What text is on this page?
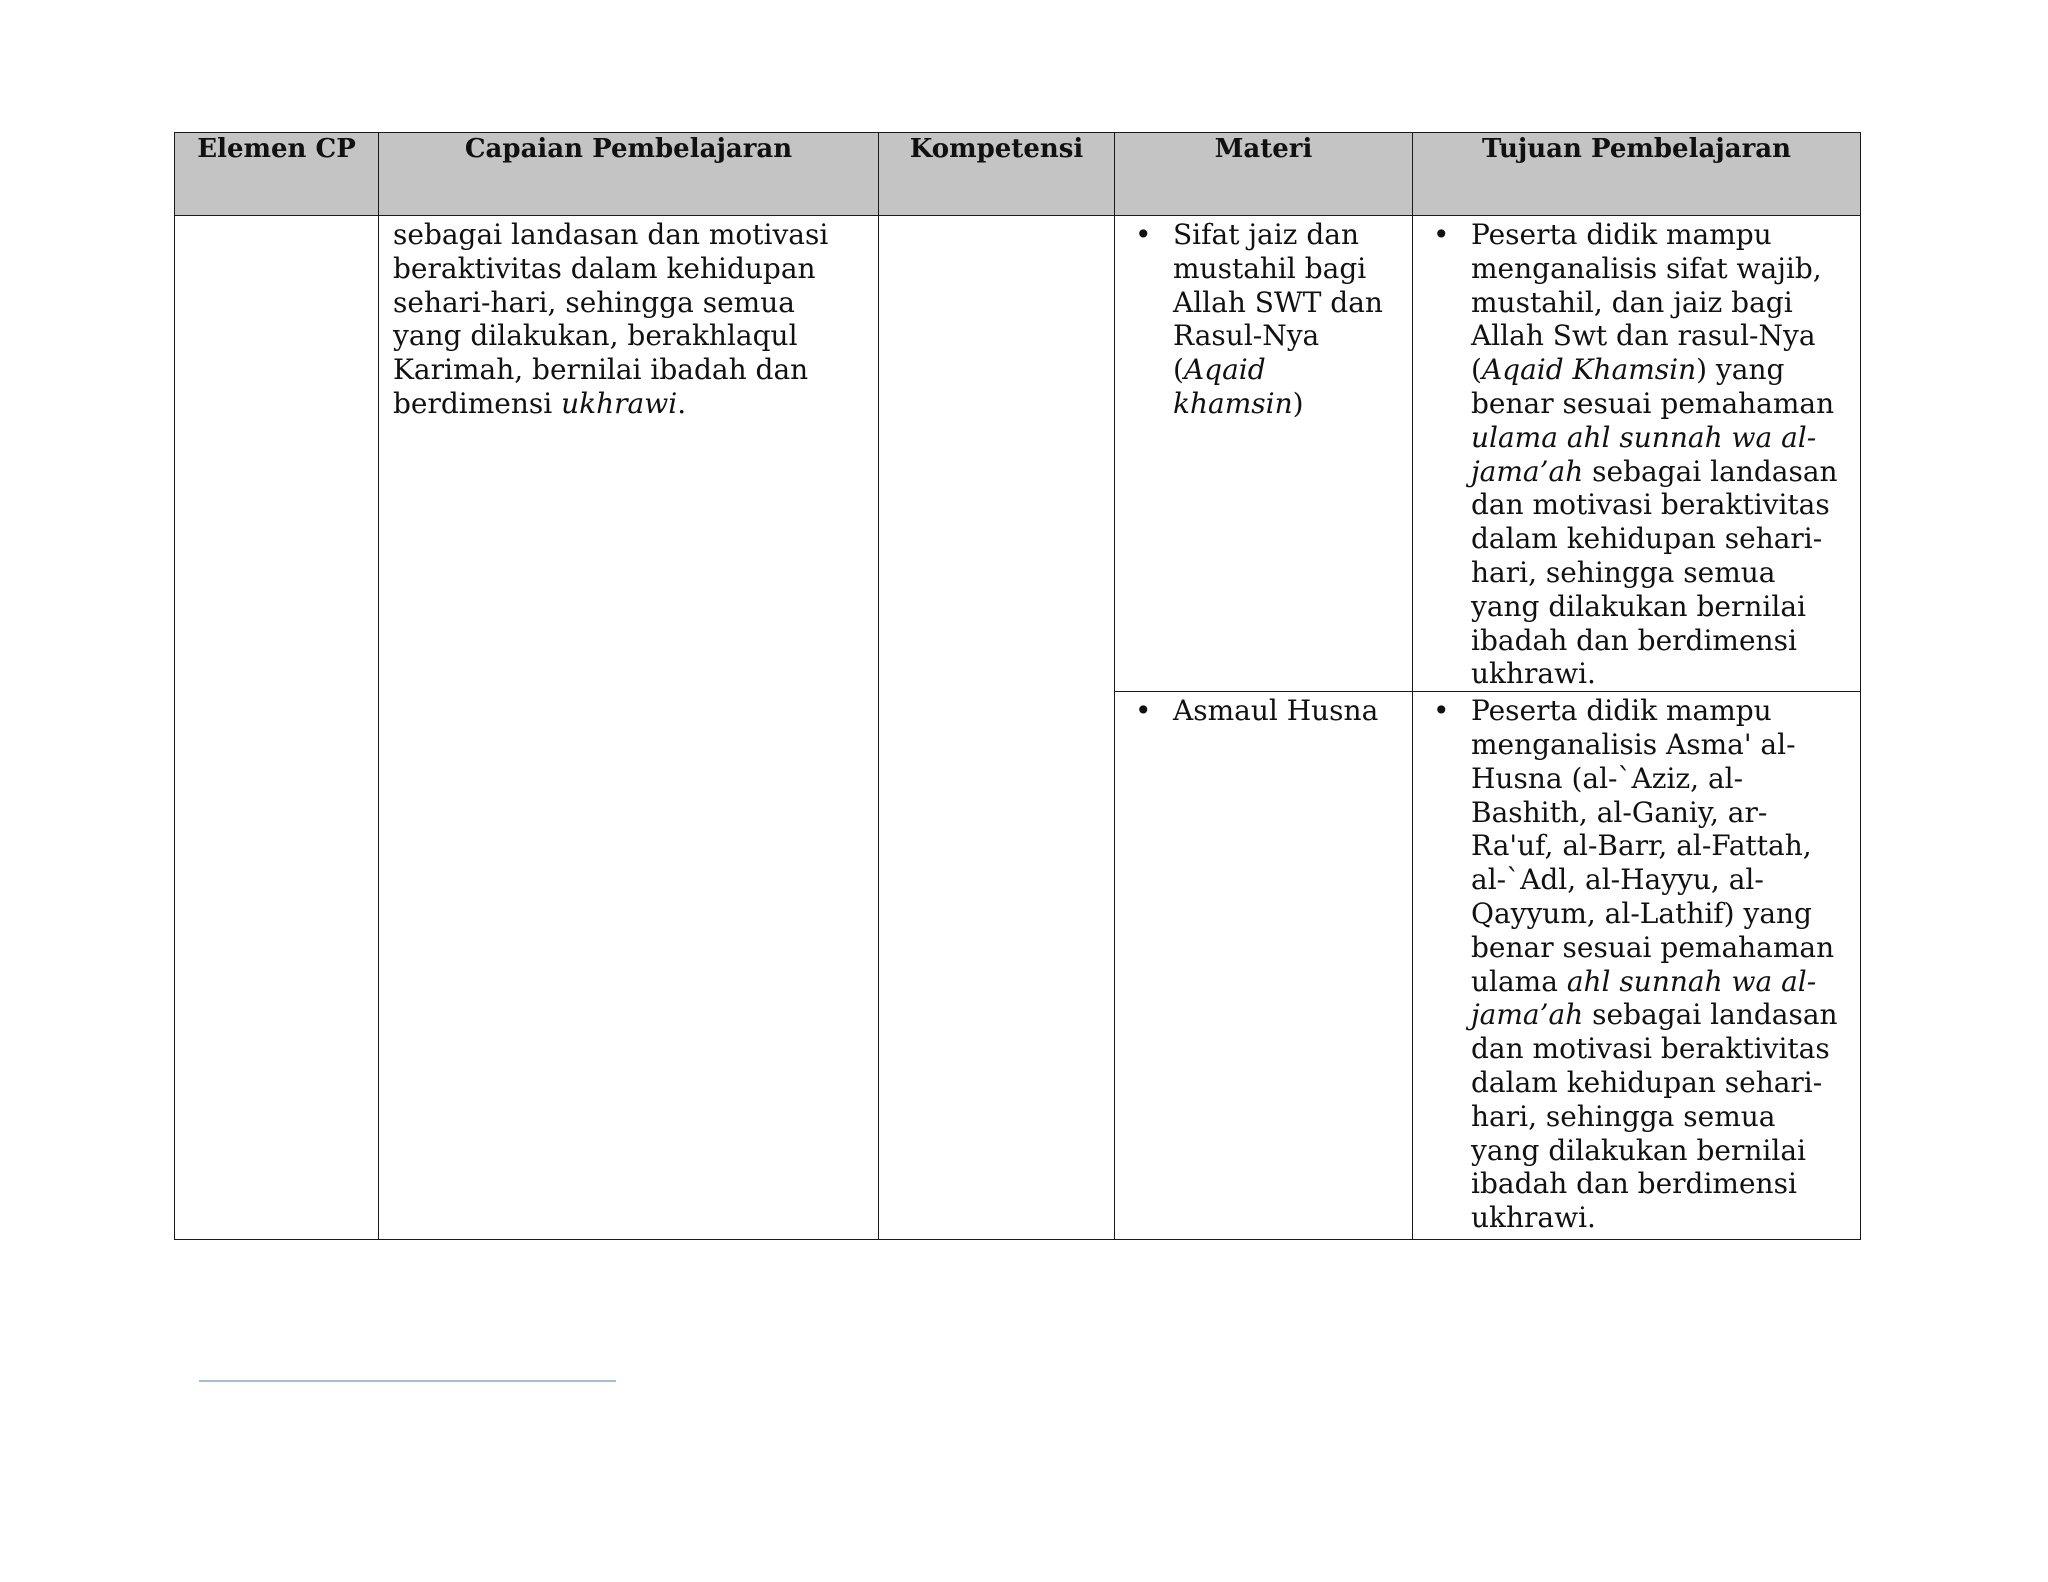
Elemen CP	Capaian Pembelajaran	Kompetensi	Materi	Tujuan Pembelajaran
	sebagai landasan dan motivasi beraktivitas dalam kehidupan sehari-hari, sehingga semua yang dilakukan, berakhlaqul Karimah, bernilai ibadah dan berdimensi ukhrawi.		• Sifat jaiz dan mustahil bagi Allah SWT dan Rasul-Nya (Aqaid khamsin)	• Peserta didik mampu menganalisis sifat wajib, mustahil, dan jaiz bagi Allah Swt dan rasul-Nya (Aqaid Khamsin) yang benar sesuai pemahaman ulama ahl sunnah wa al-jama’ah sebagai landasan dan motivasi beraktivitas dalam kehidupan sehari-hari, sehingga semua yang dilakukan bernilai ibadah dan berdimensi ukhrawi.

			• Asmaul Husna	• Peserta didik mampu menganalisis Asma' al-Husna (al-`Aziz, al-Bashith, al-Ganiy, ar-Ra'uf, al-Barr, al-Fattah, al-`Adl, al-Hayyu, al-Qayyum, al-Lathif) yang benar sesuai pemahaman ulama ahl sunnah wa al-jama’ah sebagai landasan dan motivasi beraktivitas dalam kehidupan sehari-hari, sehingga semua yang dilakukan bernilai ibadah dan berdimensi ukhrawi.
